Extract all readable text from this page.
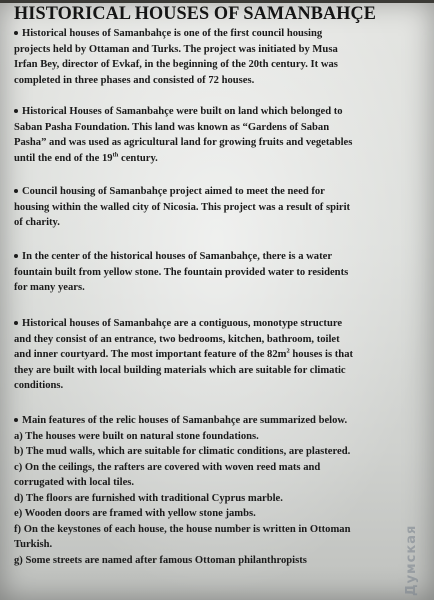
HISTORICAL HOUSES OF SAMANBAHÇE
Historical houses of Samanbahçe is one of the first council housing
projects held by Ottaman and Turks. The project was initiated by Musa
Irfan Bey, director of Evkaf, in the beginning of the 20th century. It was
completed in three phases and consisted of 72 houses.
Historical Houses of Samanbahçe were built on land which belonged to
Saban Pasha Foundation. This land was known as “Gardens of Saban
Pasha” and was used as agricultural land for growing fruits and vegetables
until the end of the 19th century.
Council housing of Samanbahçe project aimed to meet the need for
housing within the walled city of Nicosia. This project was a result of spirit
of charity.
In the center of the historical houses of Samanbahçe, there is a water
fountain built from yellow stone. The fountain provided water to residents
for many years.
Historical houses of Samanbahçe are a contiguous, monotype structure
and they consist of an entrance, two bedrooms, kitchen, bathroom, toilet
and inner courtyard. The most important feature of the $82m^2$ houses is that
they are built with local building materials which are suitable for climatic
conditions.
Main features of the relic houses of Samanbahçe are summarized below.
a) The houses were built on natural stone foundations.
b) The mud walls, which are suitable for climatic conditions, are plastered.
c) On the ceilings, the rafters are covered with woven reed mats and
corrugated with local tiles.
d) The floors are furnished with traditional Cyprus marble.
e) Wooden doors are framed with yellow stone jambs.
f) On the keystones of each house, the house number is written in Ottoman
Turkish.
g) Some streets are named after famous Ottoman philanthropists	Думская
